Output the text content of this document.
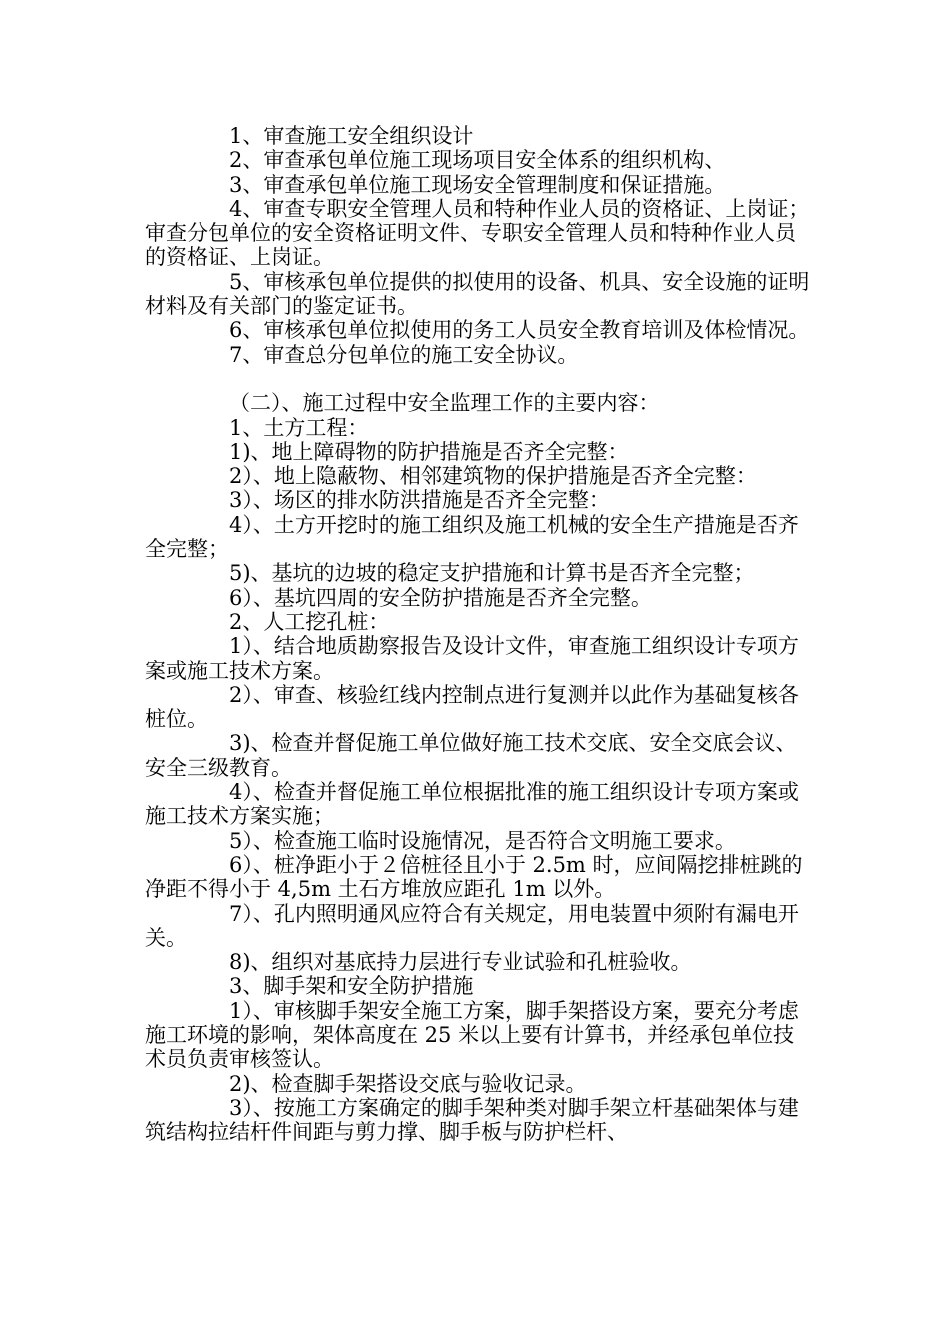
1、审查施工安全组织设计

2、审查承包单位施工现场项目安全体系的组织机构、

3、审查承包单位施工现场安全管理制度和保证措施。

4、审查专职安全管理人员和特种作业人员的资格证、上岗证；审查分包单位的安全资格证明文件、专职安全管理人员和特种作业人员的资格证、上岗证。

5、审核承包单位提供的拟使用的设备、机具、安全设施的证明材料及有关部门的鉴定证书。

6、审核承包单位拟使用的务工人员安全教育培训及体检情况。

7、审查总分包单位的施工安全协议。

（二）、施工过程中安全监理工作的主要内容：

1、土方工程：

1)、地上障碍物的防护措施是否齐全完整：

2）、地上隐蔽物、相邻建筑物的保护措施是否齐全完整：

3）、场区的排水防洪措施是否齐全完整：

4）、土方开挖时的施工组织及施工机械的安全生产措施是否齐全完整；

5)、基坑的边坡的稳定支护措施和计算书是否齐全完整；

6）、基坑四周的安全防护措施是否齐全完整。

2、人工挖孔桩：

1）、结合地质勘察报告及设计文件，审查施工组织设计专项方案或施工技术方案。

2）、审查、核验红线内控制点进行复测并以此作为基础复核各桩位。

3)、检查并督促施工单位做好施工技术交底、安全交底会议、安全三级教育。

4）、检查并督促施工单位根据批准的施工组织设计专项方案或施工技术方案实施；

5）、检查施工临时设施情况，是否符合文明施工要求。

6）、桩净距小于２倍桩径且小于 2.5m 时，应间隔挖排桩跳的净距不得小于 4,5m 土石方堆放应距孔 1m 以外。

7）、孔内照明通风应符合有关规定，用电装置中须附有漏电开关。

8)、组织对基底持力层进行专业试验和孔桩验收。

3、脚手架和安全防护措施

1）、审核脚手架安全施工方案，脚手架搭设方案，要充分考虑施工环境的影响，架体高度在 25 米以上要有计算书，并经承包单位技术员负责审核签认。

2)、检查脚手架搭设交底与验收记录。

3）、按施工方案确定的脚手架种类对脚手架立杆基础架体与建筑结构拉结杆件间距与剪力撑、脚手板与防护栏杆、
